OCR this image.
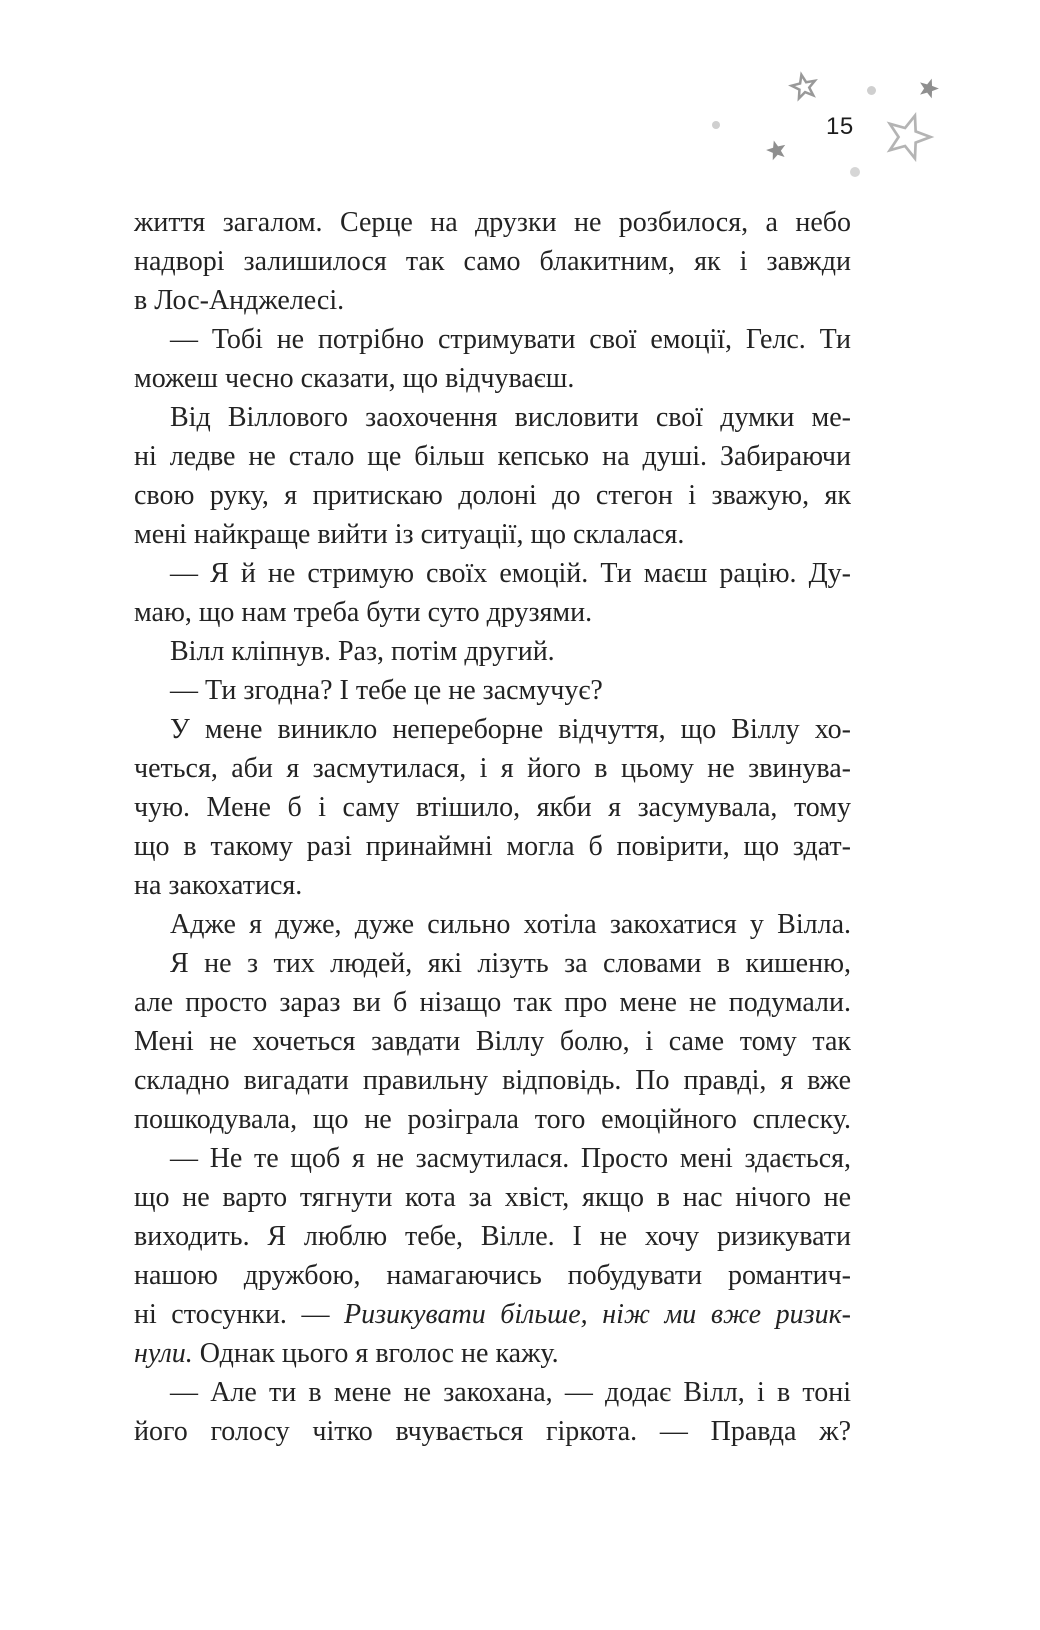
15
життя загалом. Серце на друзки не розбилося, а небо
надворі залишилося так само блакитним, як і завжди
в Лос-Анджелесі.
— Тобі не потрібно стримувати свої емоції, Гелс. Ти
можеш чесно сказати, що відчуваєш.
Від Віллового заохочення висловити свої думки ме-
ні ледве не стало ще більш кепсько на душі. Забираючи
свою руку, я притискаю долоні до стегон і зважую, як
мені найкраще вийти із ситуації, що склалася.
— Я й не стримую своїх емоцій. Ти маєш рацію. Ду-
маю, що нам треба бути суто друзями.
Вілл кліпнув. Раз, потім другий.
— Ти згодна? І тебе це не засмучує?
У мене виникло непереборне відчуття, що Віллу хо-
четься, аби я засмутилася, і я його в цьому не звинува-
чую. Мене б і саму втішило, якби я засумувала, тому
що в такому разі принаймні могла б повірити, що здат-
на закохатися.
Адже я дуже, дуже сильно хотіла закохатися у Вілла.
Я не з тих людей, які лізуть за словами в кишеню,
але просто зараз ви б нізащо так про мене не подумали.
Мені не хочеться завдати Віллу болю, і саме тому так
складно вигадати правильну відповідь. По правді, я вже
пошкодувала, що не розіграла того емоційного сплеску.
— Не те щоб я не засмутилася. Просто мені здається,
що не варто тягнути кота за хвіст, якщо в нас нічого не
виходить. Я люблю тебе, Вілле. І не хочу ризикувати
нашою дружбою, намагаючись побудувати романтич-
ні стосунки. — Ризикувати більше, ніж ми вже ризик-
нули. Однак цього я вголос не кажу.
— Але ти в мене не закохана, — додає Вілл, і в тоні
його голосу чітко вчувається гіркота. — Правда ж?
